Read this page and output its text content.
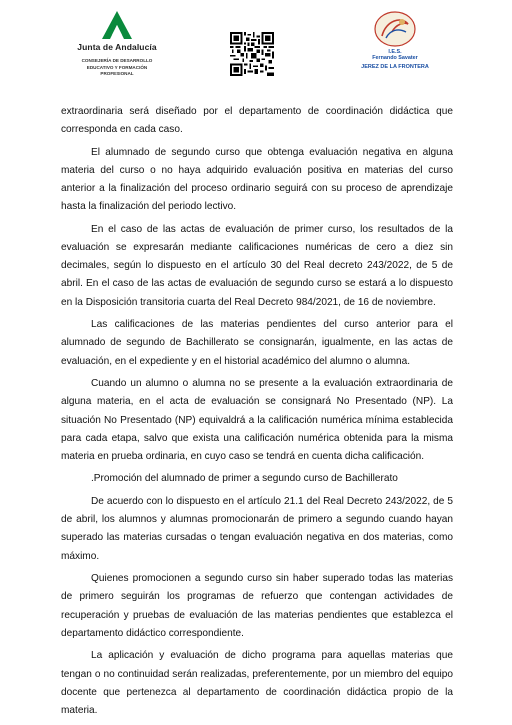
Junta de Andalucía
CONSEJERÍA DE DESARROLLO
EDUCATIVO Y FORMACIÓN
PROFESIONAL
I.E.S.
Fernando Savater
JEREZ DE LA FRONTERA

extraordinaria será diseñado por el departamento de coordinación didáctica que corresponda en cada caso.

El alumnado de segundo curso que obtenga evaluación negativa en alguna materia del curso o no haya adquirido evaluación positiva en materias del curso anterior a la finalización del proceso ordinario seguirá con su proceso de aprendizaje hasta la finalización del periodo lectivo.

En el caso de las actas de evaluación de primer curso, los resultados de la evaluación se expresarán mediante calificaciones numéricas de cero a diez sin decimales, según lo dispuesto en el artículo 30 del Real decreto 243/2022, de 5 de abril. En el caso de las actas de evaluación de segundo curso se estará a lo dispuesto en la Disposición transitoria cuarta del Real Decreto 984/2021, de 16 de noviembre.

Las calificaciones de las materias pendientes del curso anterior para el alumnado de segundo de Bachillerato se consignarán, igualmente, en las actas de evaluación, en el expediente y en el historial académico del alumno o alumna.

Cuando un alumno o alumna no se presente a la evaluación extraordinaria de alguna materia, en el acta de evaluación se consignará No Presentado (NP). La situación No Presentado (NP) equivaldrá a la calificación numérica mínima establecida para cada etapa, salvo que exista una calificación numérica obtenida para la misma materia en prueba ordinaria, en cuyo caso se tendrá en cuenta dicha calificación.

.Promoción del alumnado de primer a segundo curso de Bachillerato

De acuerdo con lo dispuesto en el artículo 21.1 del Real Decreto 243/2022, de 5 de abril, los alumnos y alumnas promocionarán de primero a segundo cuando hayan superado las materias cursadas o tengan evaluación negativa en dos materias, como máximo.

Quienes promocionen a segundo curso sin haber superado todas las materias de primero seguirán los programas de refuerzo que contengan actividades de recuperación y pruebas de evaluación de las materias pendientes que establezca el departamento didáctico correspondiente.

La aplicación y evaluación de dicho programa para aquellas materias que tengan o no continuidad serán realizadas, preferentemente, por un miembro del equipo docente que pertenezca al departamento de coordinación didáctica propio de la materia.
